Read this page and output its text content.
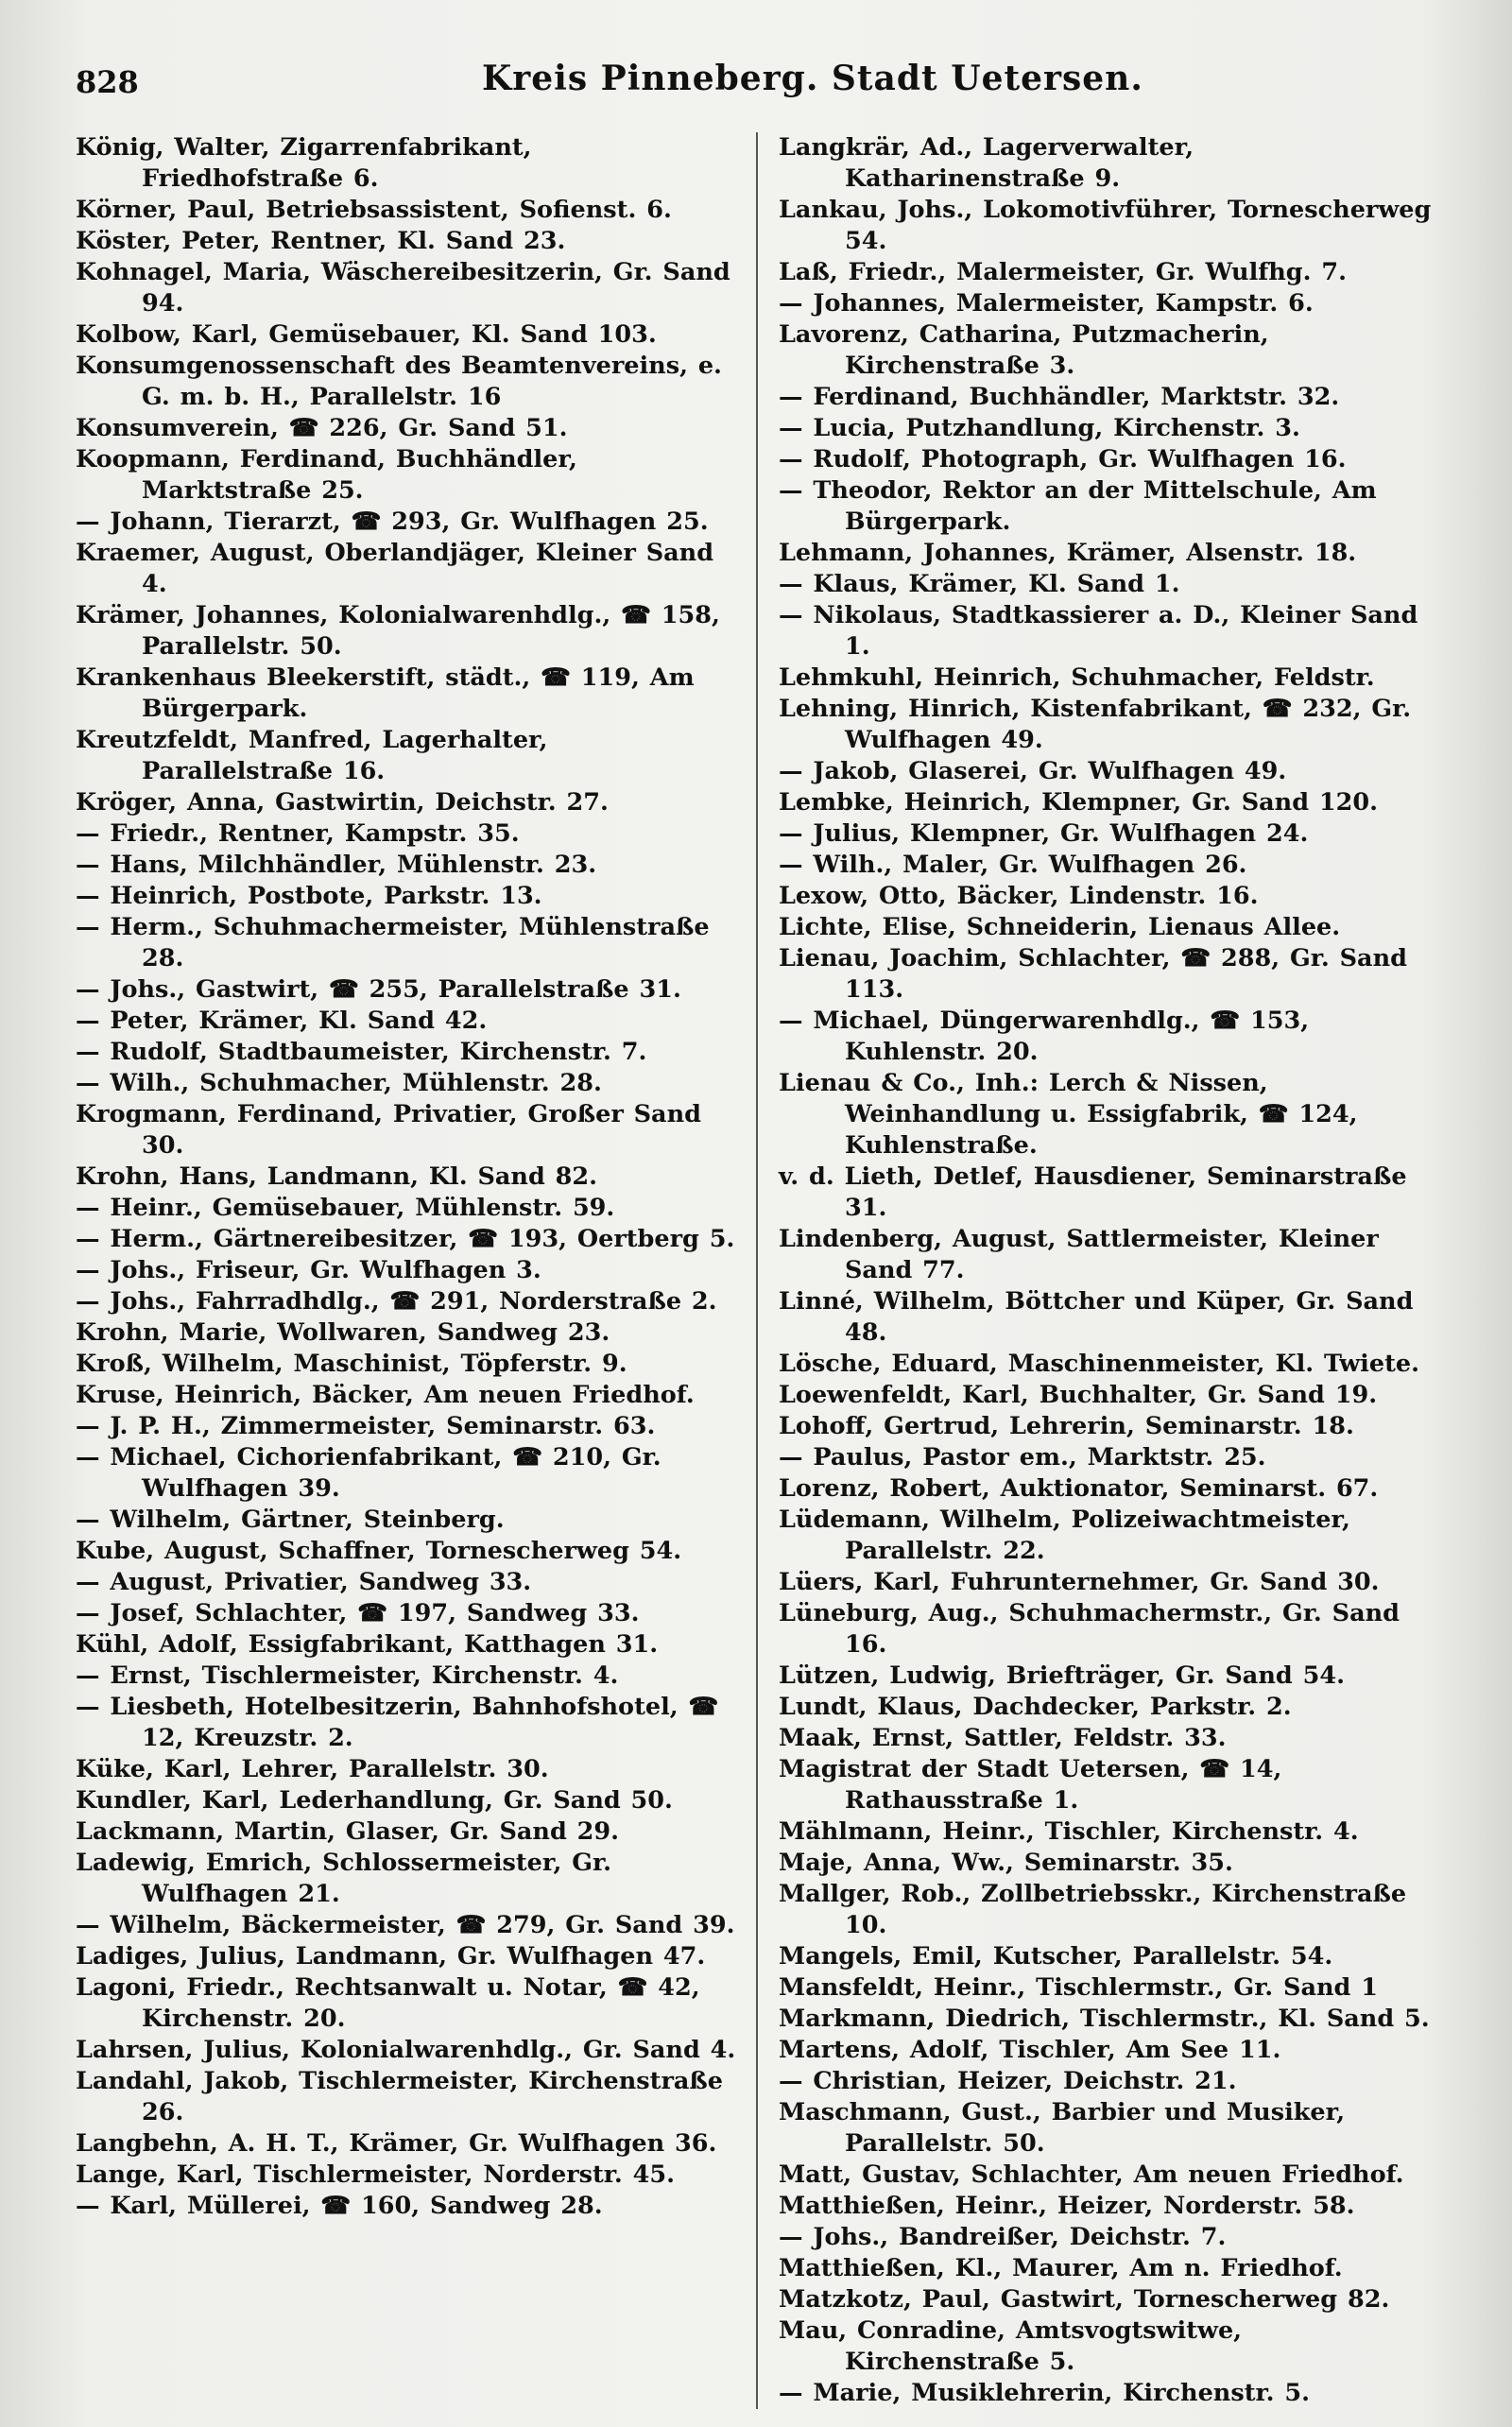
828	Kreis Pinneberg. Stadt Uetersen.

König, Walter, Zigarrenfabrikant, Friedhofstraße 6.

Körner, Paul, Betriebsassistent, Sofienst. 6.

Köster, Peter, Rentner, Kl. Sand 23.

Kohnagel, Maria, Wäschereibesitzerin, Gr. Sand 94.

Kolbow, Karl, Gemüsebauer, Kl. Sand 103.

Konsumgenossenschaft des Beamtenvereins, e. G. m. b. H., Parallelstr. 16

Konsumverein, ☎ 226, Gr. Sand 51.

Koopmann, Ferdinand, Buchhändler, Marktstraße 25.

— Johann, Tierarzt, ☎ 293, Gr. Wulfhagen 25.

Kraemer, August, Oberlandjäger, Kleiner Sand 4.

Krämer, Johannes, Kolonialwarenhdlg., ☎ 158, Parallelstr. 50.

Krankenhaus Bleekerstift, städt., ☎ 119, Am Bürgerpark.

Kreutzfeldt, Manfred, Lagerhalter, Parallelstraße 16.

Kröger, Anna, Gastwirtin, Deichstr. 27.

— Friedr., Rentner, Kampstr. 35.

— Hans, Milchhändler, Mühlenstr. 23.

— Heinrich, Postbote, Parkstr. 13.

— Herm., Schuhmachermeister, Mühlenstraße 28.

— Johs., Gastwirt, ☎ 255, Parallelstraße 31.

— Peter, Krämer, Kl. Sand 42.

— Rudolf, Stadtbaumeister, Kirchenstr. 7.

— Wilh., Schuhmacher, Mühlenstr. 28.

Krogmann, Ferdinand, Privatier, Großer Sand 30.

Krohn, Hans, Landmann, Kl. Sand 82.

— Heinr., Gemüsebauer, Mühlenstr. 59.

— Herm., Gärtnereibesitzer, ☎ 193, Oertberg 5.

— Johs., Friseur, Gr. Wulfhagen 3.

— Johs., Fahrradhdlg., ☎ 291, Norderstraße 2.

Krohn, Marie, Wollwaren, Sandweg 23.

Kroß, Wilhelm, Maschinist, Töpferstr. 9.

Kruse, Heinrich, Bäcker, Am neuen Friedhof.

— J. P. H., Zimmermeister, Seminarstr. 63.

— Michael, Cichorienfabrikant, ☎ 210, Gr. Wulfhagen 39.

— Wilhelm, Gärtner, Steinberg.

Kube, August, Schaffner, Tornescherweg 54.

— August, Privatier, Sandweg 33.

— Josef, Schlachter, ☎ 197, Sandweg 33.

Kühl, Adolf, Essigfabrikant, Katthagen 31.

— Ernst, Tischlermeister, Kirchenstr. 4.

— Liesbeth, Hotelbesitzerin, Bahnhofshotel, ☎ 12, Kreuzstr. 2.

Küke, Karl, Lehrer, Parallelstr. 30.

Kundler, Karl, Lederhandlung, Gr. Sand 50.

Lackmann, Martin, Glaser, Gr. Sand 29.

Ladewig, Emrich, Schlossermeister, Gr. Wulfhagen 21.

— Wilhelm, Bäckermeister, ☎ 279, Gr. Sand 39.

Ladiges, Julius, Landmann, Gr. Wulfhagen 47.

Lagoni, Friedr., Rechtsanwalt u. Notar, ☎ 42, Kirchenstr. 20.

Lahrsen, Julius, Kolonialwarenhdlg., Gr. Sand 4.

Landahl, Jakob, Tischlermeister, Kirchenstraße 26.

Langbehn, A. H. T., Krämer, Gr. Wulfhagen 36.

Lange, Karl, Tischlermeister, Norderstr. 45.

— Karl, Müllerei, ☎ 160, Sandweg 28.

Langkrär, Ad., Lagerverwalter, Katharinenstraße 9.

Lankau, Johs., Lokomotivführer, Tornescherweg 54.

Laß, Friedr., Malermeister, Gr. Wulfhg. 7.

— Johannes, Malermeister, Kampstr. 6.

Lavorenz, Catharina, Putzmacherin, Kirchenstraße 3.

— Ferdinand, Buchhändler, Marktstr. 32.

— Lucia, Putzhandlung, Kirchenstr. 3.

— Rudolf, Photograph, Gr. Wulfhagen 16.

— Theodor, Rektor an der Mittelschule, Am Bürgerpark.

Lehmann, Johannes, Krämer, Alsenstr. 18.

— Klaus, Krämer, Kl. Sand 1.

— Nikolaus, Stadtkassierer a. D., Kleiner Sand 1.

Lehmkuhl, Heinrich, Schuhmacher, Feldstr.

Lehning, Hinrich, Kistenfabrikant, ☎ 232, Gr. Wulfhagen 49.

— Jakob, Glaserei, Gr. Wulfhagen 49.

Lembke, Heinrich, Klempner, Gr. Sand 120.

— Julius, Klempner, Gr. Wulfhagen 24.

— Wilh., Maler, Gr. Wulfhagen 26.

Lexow, Otto, Bäcker, Lindenstr. 16.

Lichte, Elise, Schneiderin, Lienaus Allee.

Lienau, Joachim, Schlachter, ☎ 288, Gr. Sand 113.

— Michael, Düngerwarenhdlg., ☎ 153, Kuhlenstr. 20.

Lienau & Co., Inh.: Lerch & Nissen, Weinhandlung u. Essigfabrik, ☎ 124, Kuhlenstraße.

v. d. Lieth, Detlef, Hausdiener, Seminarstraße 31.

Lindenberg, August, Sattlermeister, Kleiner Sand 77.

Linné, Wilhelm, Böttcher und Küper, Gr. Sand 48.

Lösche, Eduard, Maschinenmeister, Kl. Twiete.

Loewenfeldt, Karl, Buchhalter, Gr. Sand 19.

Lohoff, Gertrud, Lehrerin, Seminarstr. 18.

— Paulus, Pastor em., Marktstr. 25.

Lorenz, Robert, Auktionator, Seminarst. 67.

Lüdemann, Wilhelm, Polizeiwachtmeister, Parallelstr. 22.

Lüers, Karl, Fuhrunternehmer, Gr. Sand 30.

Lüneburg, Aug., Schuhmachermstr., Gr. Sand 16.

Lützen, Ludwig, Briefträger, Gr. Sand 54.

Lundt, Klaus, Dachdecker, Parkstr. 2.

Maak, Ernst, Sattler, Feldstr. 33.

Magistrat der Stadt Uetersen, ☎ 14, Rathausstraße 1.

Mählmann, Heinr., Tischler, Kirchenstr. 4.

Maje, Anna, Ww., Seminarstr. 35.

Mallger, Rob., Zollbetriebsskr., Kirchenstraße 10.

Mangels, Emil, Kutscher, Parallelstr. 54.

Mansfeldt, Heinr., Tischlermstr., Gr. Sand 1

Markmann, Diedrich, Tischlermstr., Kl. Sand 5.

Martens, Adolf, Tischler, Am See 11.

— Christian, Heizer, Deichstr. 21.

Maschmann, Gust., Barbier und Musiker, Parallelstr. 50.

Matt, Gustav, Schlachter, Am neuen Friedhof.

Matthießen, Heinr., Heizer, Norderstr. 58.

— Johs., Bandreißer, Deichstr. 7.

Matthießen, Kl., Maurer, Am n. Friedhof.

Matzkotz, Paul, Gastwirt, Tornescherweg 82.

Mau, Conradine, Amtsvogtswitwe, Kirchenstraße 5.

— Marie, Musiklehrerin, Kirchenstr. 5.
